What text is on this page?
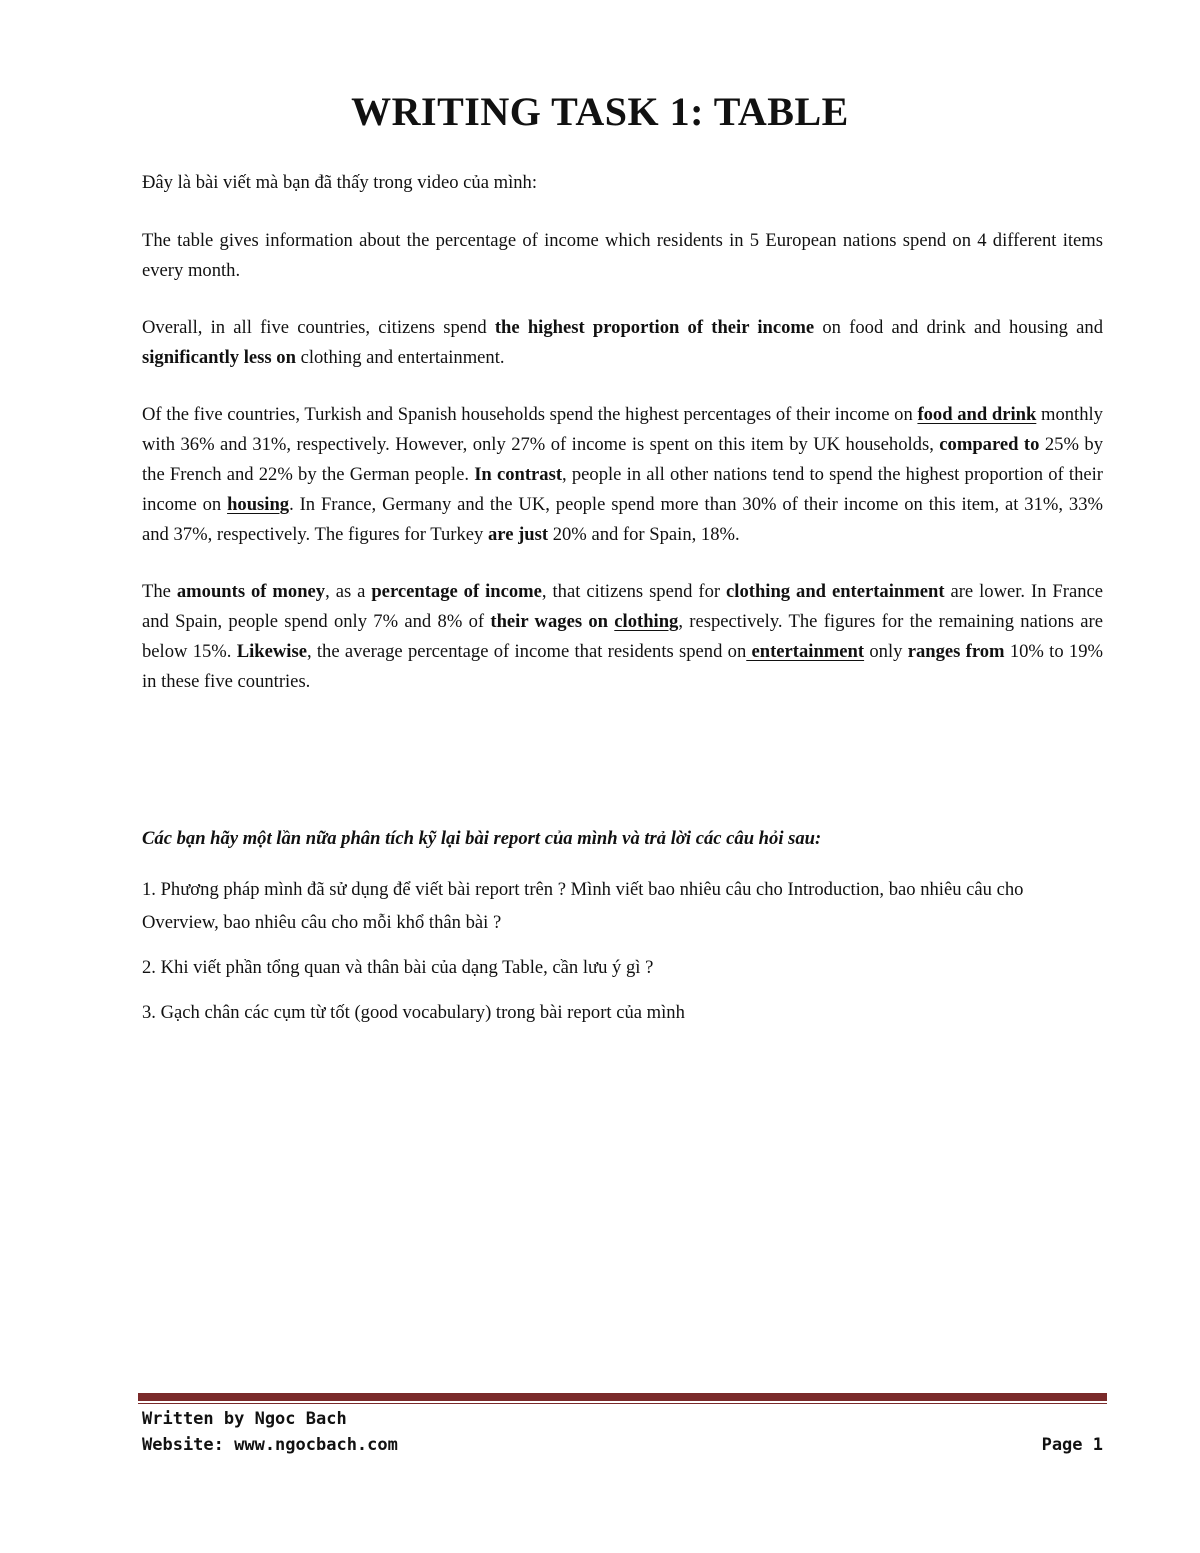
WRITING TASK 1: TABLE

Đây là bài viết mà bạn đã thấy trong video của mình:

The table gives information about the percentage of income which residents in 5 European nations spend on 4 different items every month.

Overall, in all five countries, citizens spend the highest proportion of their income on food and drink and housing and significantly less on clothing and entertainment.

Of the five countries, Turkish and Spanish households spend the highest percentages of their income on food and drink monthly with 36% and 31%, respectively. However, only 27% of income is spent on this item by UK households, compared to 25% by the French and 22% by the German people. In contrast, people in all other nations tend to spend the highest proportion of their income on housing. In France, Germany and the UK, people spend more than 30% of their income on this item, at 31%, 33% and 37%, respectively. The figures for Turkey are just 20% and for Spain, 18%.

The amounts of money, as a percentage of income, that citizens spend for clothing and entertainment are lower. In France and Spain, people spend only 7% and 8% of their wages on clothing, respectively. The figures for the remaining nations are below 15%. Likewise, the average percentage of income that residents spend on entertainment only ranges from 10% to 19% in these five countries.

Các bạn hãy một lần nữa phân tích kỹ lại bài report của mình và trả lời các câu hỏi sau:

1. Phương pháp mình đã sử dụng để viết bài report trên ? Mình viết bao nhiêu câu cho Introduction, bao nhiêu câu cho Overview, bao nhiêu câu cho mỗi khổ thân bài ?

2. Khi viết phần tổng quan và thân bài của dạng Table, cần lưu ý gì ?

3. Gạch chân các cụm từ tốt (good vocabulary) trong bài report của mình

Written by Ngoc Bach
Website: www.ngocbach.com	Page 1
